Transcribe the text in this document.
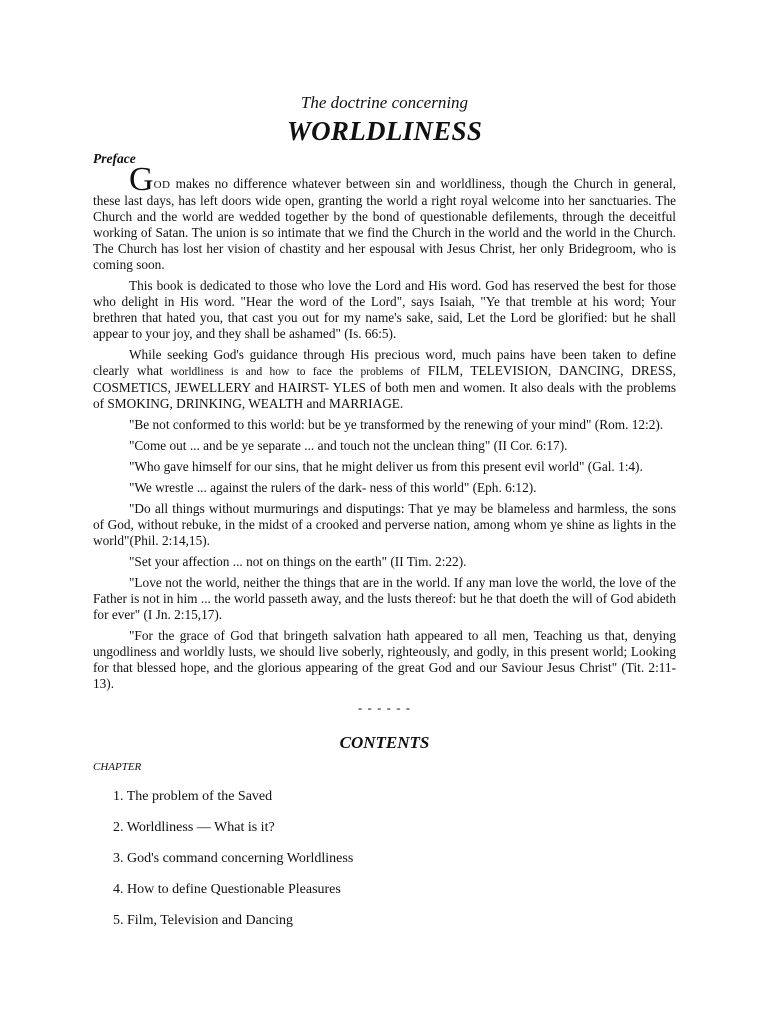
The doctrine concerning

WORLDLINESS

Preface

GOD makes no difference whatever between sin and worldliness, though the Church in general, these last days, has left doors wide open, granting the world a right royal welcome into her sanctuaries. The Church and the world are wedded together by the bond of questionable defilements, through the deceitful working of Satan. The union is so intimate that we find the Church in the world and the world in the Church. The Church has lost her vision of chastity and her espousal with Jesus Christ, her only Bridegroom, who is coming soon.

This book is dedicated to those who love the Lord and His word. God has reserved the best for those who delight in His word. "Hear the word of the Lord", says Isaiah, "Ye that tremble at his word; Your brethren that hated you, that cast you out for my name's sake, said, Let the Lord be glorified: but he shall appear to your joy, and they shall be ashamed" (Is. 66:5).

While seeking God's guidance through His precious word, much pains have been taken to define clearly what worldliness is and how to face the problems of FILM, TELEVISION, DANCING, DRESS, COSMETICS, JEWELLERY and HAIRST- YLES of both men and women. It also deals with the problems of SMOKING, DRINKING, WEALTH and MARRIAGE.

"Be not conformed to this world: but be ye transformed by the renewing of your mind" (Rom. 12:2).

"Come out ... and be ye separate ... and touch not the unclean thing" (II Cor. 6:17).

"Who gave himself for our sins, that he might deliver us from this present evil world" (Gal. 1:4).

"We wrestle ... against the rulers of the dark- ness of this world" (Eph. 6:12).

"Do all things without murmurings and disputings: That ye may be blameless and harmless, the sons of God, without rebuke, in the midst of a crooked and perverse nation, among whom ye shine as lights in the world"(Phil. 2:14,15).

"Set your affection ... not on things on the earth" (II Tim. 2:22).

"Love not the world, neither the things that are in the world. If any man love the world, the love of the Father is not in him ... the world passeth away, and the lusts thereof: but he that doeth the will of God abideth for ever" (I Jn. 2:15,17).

"For the grace of God that bringeth salvation hath appeared to all men, Teaching us that, denying ungodliness and worldly lusts, we should live soberly, righteously, and godly, in this present world; Looking for that blessed hope, and the glorious appearing of the great God and our Saviour Jesus Christ" (Tit. 2:11-13).

- - - - - -
CONTENTS
CHAPTER
1. The problem of the Saved
2. Worldliness — What is it?
3. God's command concerning Worldliness
4. How to define Questionable Pleasures
5. Film, Television and Dancing
